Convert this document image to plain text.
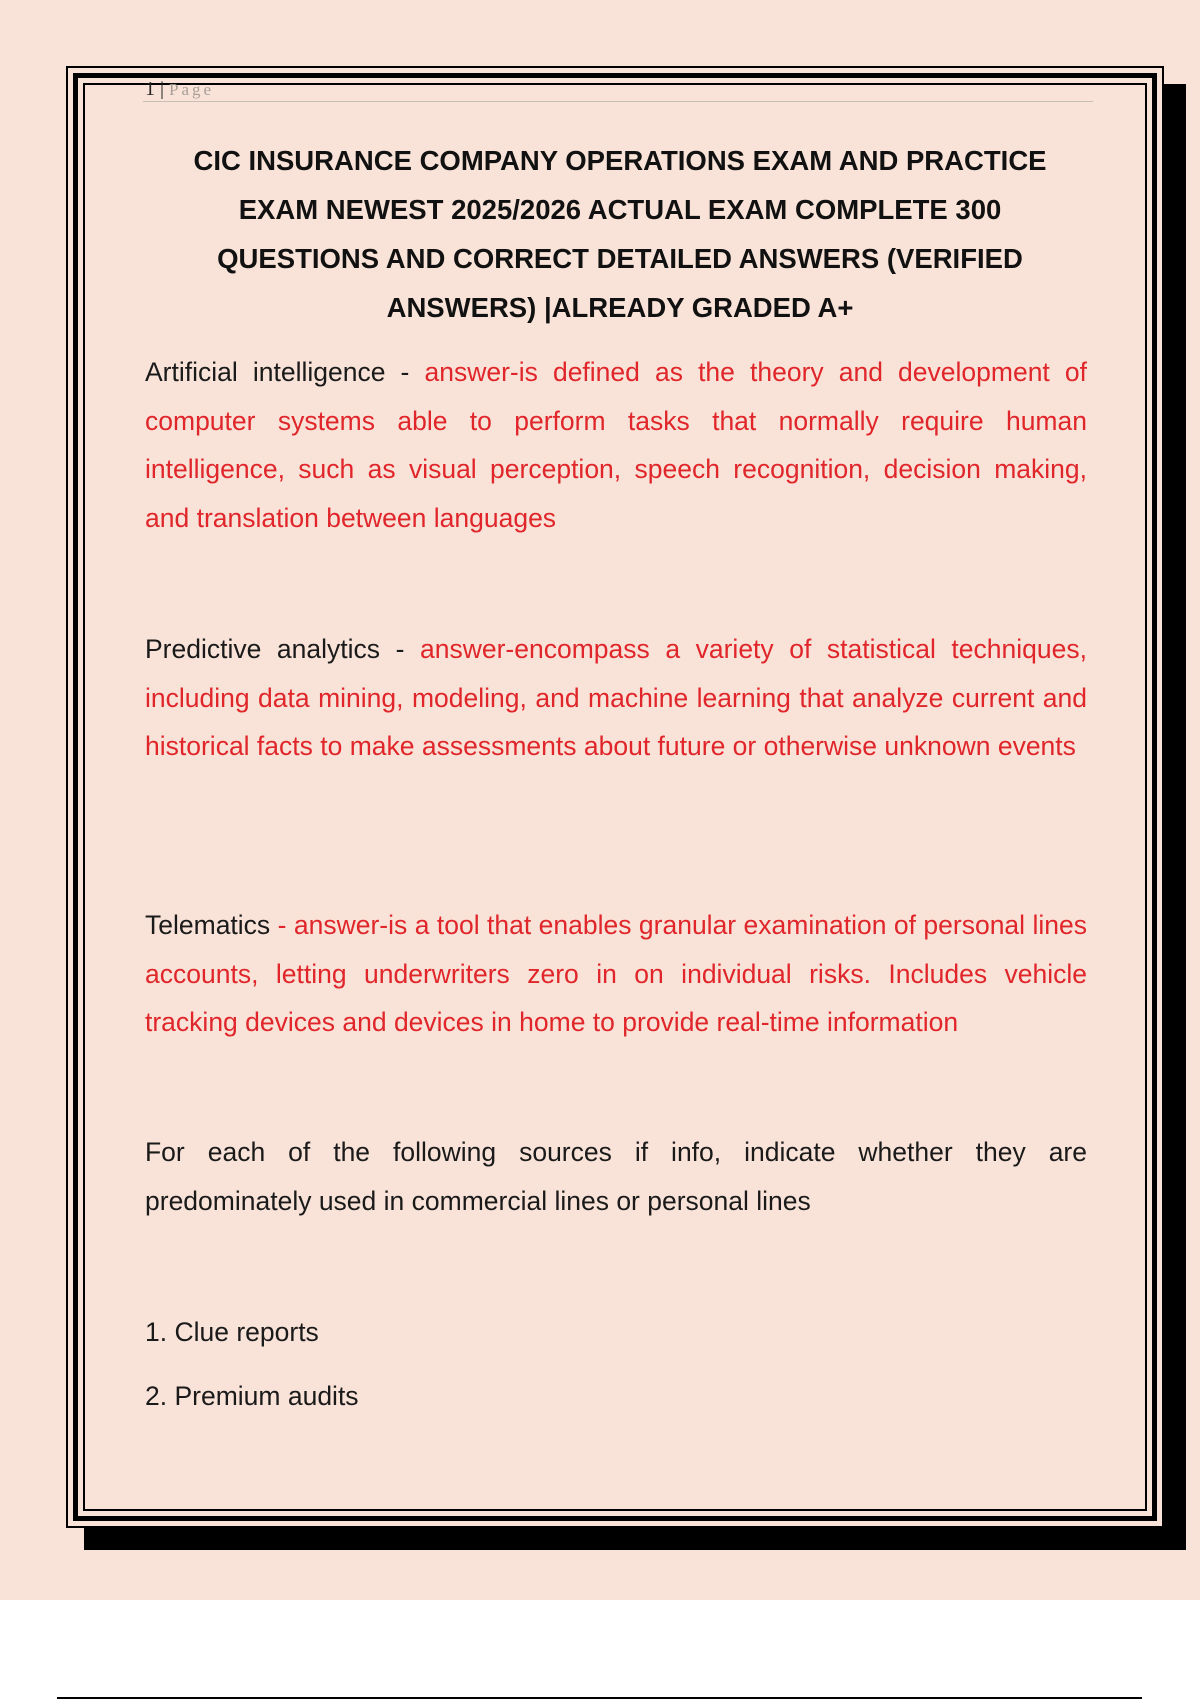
1 | Page
CIC INSURANCE COMPANY OPERATIONS EXAM AND PRACTICE EXAM NEWEST 2025/2026 ACTUAL EXAM COMPLETE 300 QUESTIONS AND CORRECT DETAILED ANSWERS (VERIFIED ANSWERS) |ALREADY GRADED A+
Artificial intelligence - answer-is defined as the theory and development of computer systems able to perform tasks that normally require human intelligence, such as visual perception, speech recognition, decision making, and translation between languages
Predictive analytics - answer-encompass a variety of statistical techniques, including data mining, modeling, and machine learning that analyze current and historical facts to make assessments about future or otherwise unknown events
Telematics - answer-is a tool that enables granular examination of personal lines accounts, letting underwriters zero in on individual risks. Includes vehicle tracking devices and devices in home to provide real-time information
For each of the following sources if info, indicate whether they are predominately used in commercial lines or personal lines
1. Clue reports
2. Premium audits
